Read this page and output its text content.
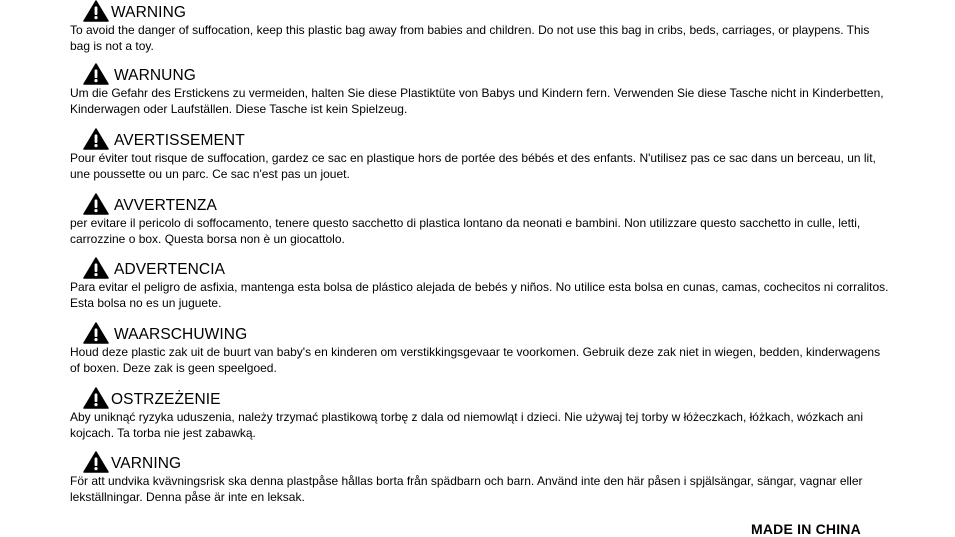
WARNING

To avoid the danger of suffocation, keep this plastic bag away from babies and children. Do not use this bag in cribs, beds, carriages, or playpens. This bag is not a toy.

WARNUNG

Um die Gefahr des Erstickens zu vermeiden, halten Sie diese Plastiktüte von Babys und Kindern fern. Verwenden Sie diese Tasche nicht in Kinderbetten, Kinderwagen oder Laufställen. Diese Tasche ist kein Spielzeug.

AVERTISSEMENT

Pour éviter tout risque de suffocation, gardez ce sac en plastique hors de portée des bébés et des enfants. N'utilisez pas ce sac dans un berceau, un lit, une poussette ou un parc. Ce sac n'est pas un jouet.

AVVERTENZA

per evitare il pericolo di soffocamento, tenere questo sacchetto di plastica lontano da neonati e bambini. Non utilizzare questo sacchetto in culle, letti, carrozzine o box. Questa borsa non è un giocattolo.

ADVERTENCIA

Para evitar el peligro de asfixia, mantenga esta bolsa de plástico alejada de bebés y niños. No utilice esta bolsa en cunas, camas, cochecitos ni corralitos. Esta bolsa no es un juguete.

WAARSCHUWING

Houd deze plastic zak uit de buurt van baby's en kinderen om verstikkingsgevaar te voorkomen. Gebruik deze zak niet in wiegen, bedden, kinderwagens of boxen. Deze zak is geen speelgoed.

OSTRZEŻENIE

Aby uniknąć ryzyka uduszenia, należy trzymać plastikową torbę z dala od niemowląt i dzieci. Nie używaj tej torby w łóżeczkach, łóżkach, wózkach ani kojcach. Ta torba nie jest zabawką.

VARNING

För att undvika kvävningsrisk ska denna plastpåse hållas borta från spädbarn och barn. Använd inte den här påsen i spjälsängar, sängar, vagnar eller lekställningar. Denna påse är inte en leksak.

MADE IN CHINA
